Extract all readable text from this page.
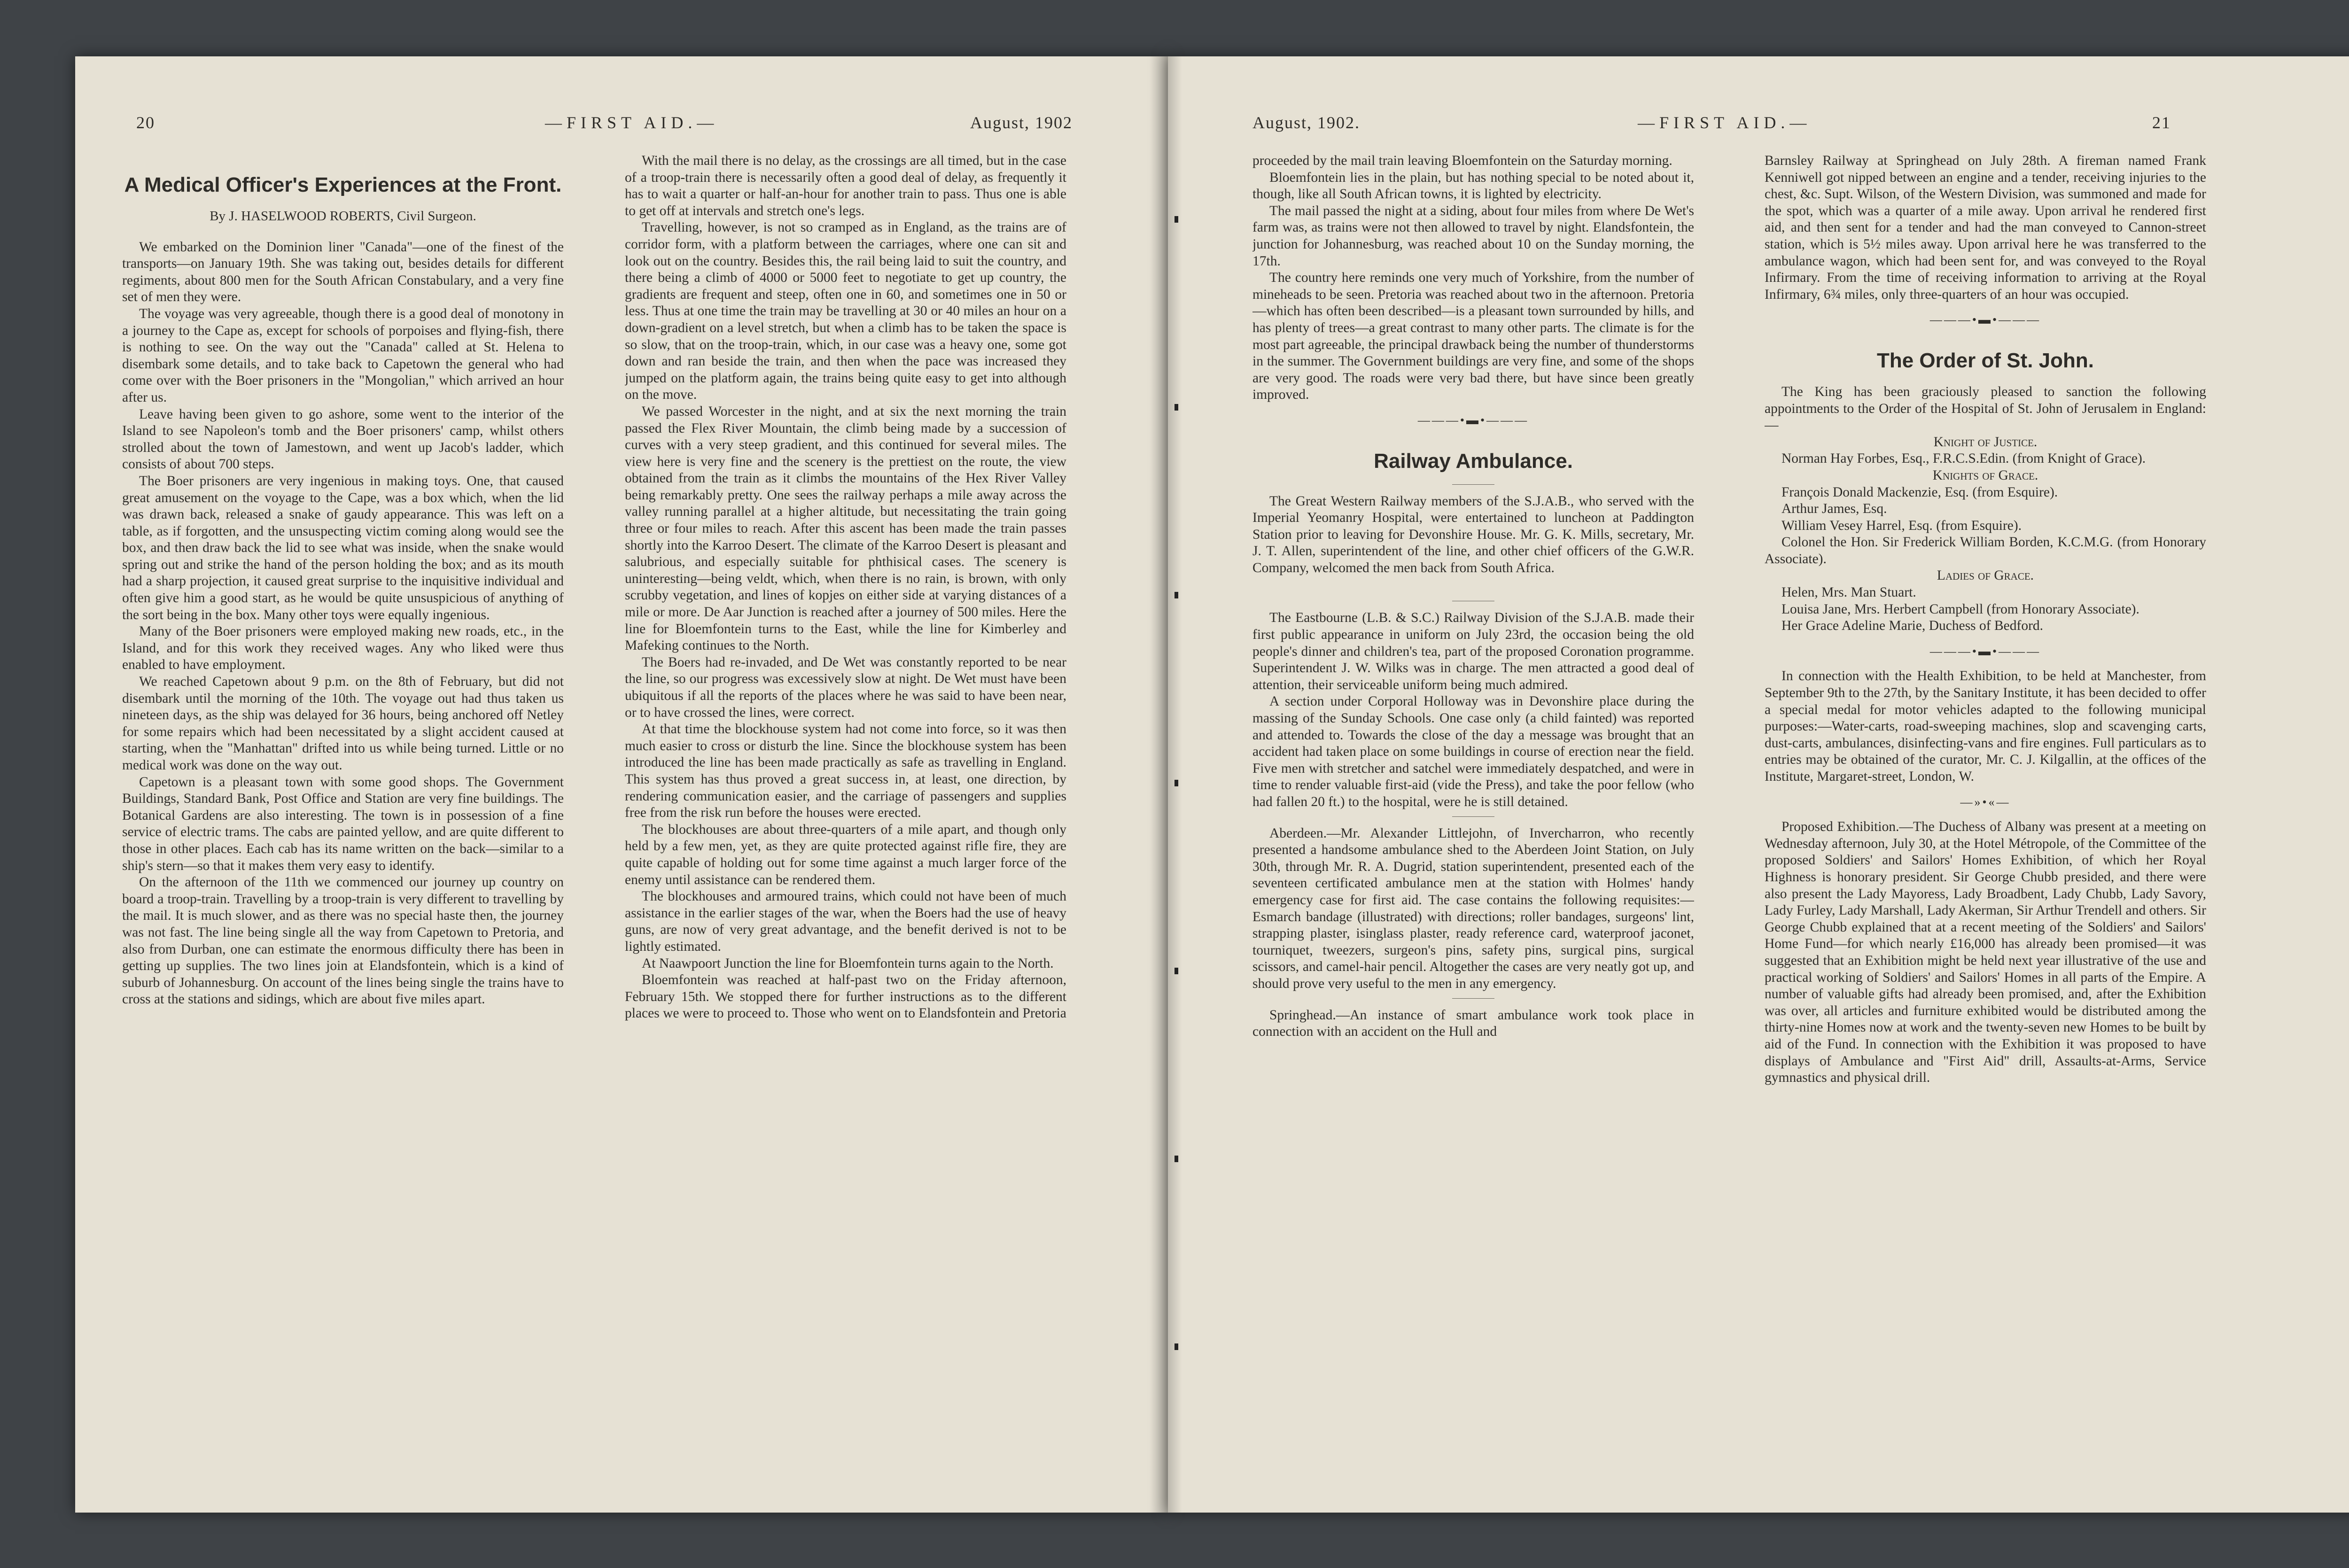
20	—FIRST AID.—	August, 1902
A Medical Officer's Experiences at the Front.
By J. HASELWOOD ROBERTS, Civil Surgeon.

We embarked on the Dominion liner "Canada"—one of the finest of the transports—on January 19th. She was taking out, besides details for different regiments, about 800 men for the South African Constabulary, and a very fine set of men they were.

The voyage was very agreeable, though there is a good deal of monotony in a journey to the Cape as, except for schools of porpoises and flying-fish, there is nothing to see. On the way out the "Canada" called at St. Helena to disembark some details, and to take back to Capetown the general who had come over with the Boer prisoners in the "Mongolian," which arrived an hour after us.

Leave having been given to go ashore, some went to the interior of the Island to see Napoleon's tomb and the Boer prisoners' camp, whilst others strolled about the town of Jamestown, and went up Jacob's ladder, which consists of about 700 steps.

The Boer prisoners are very ingenious in making toys. One, that caused great amusement on the voyage to the Cape, was a box which, when the lid was drawn back, released a snake of gaudy appearance. This was left on a table, as if forgotten, and the unsuspecting victim coming along would see the box, and then draw back the lid to see what was inside, when the snake would spring out and strike the hand of the person holding the box; and as its mouth had a sharp projection, it caused great surprise to the inquisitive individual and often give him a good start, as he would be quite unsuspicious of anything of the sort being in the box. Many other toys were equally ingenious.

Many of the Boer prisoners were employed making new roads, etc., in the Island, and for this work they received wages. Any who liked were thus enabled to have employment.

We reached Capetown about 9 p.m. on the 8th of February, but did not disembark until the morning of the 10th. The voyage out had thus taken us nineteen days, as the ship was delayed for 36 hours, being anchored off Netley for some repairs which had been necessitated by a slight accident caused at starting, when the "Manhattan" drifted into us while being turned. Little or no medical work was done on the way out.

Capetown is a pleasant town with some good shops. The Government Buildings, Standard Bank, Post Office and Station are very fine buildings. The Botanical Gardens are also interesting. The town is in possession of a fine service of electric trams. The cabs are painted yellow, and are quite different to those in other places. Each cab has its name written on the back—similar to a ship's stern—so that it makes them very easy to identify.

On the afternoon of the 11th we commenced our journey up country on board a troop-train. Travelling by a troop-train is very different to travelling by the mail. It is much slower, and as there was no special haste then, the journey was not fast. The line being single all the way from Capetown to Pretoria, and also from Durban, one can estimate the enormous difficulty there has been in getting up supplies. The two lines join at Elandsfontein, which is a kind of suburb of Johannesburg. On account of the lines being single the trains have to cross at the stations and sidings, which are about five miles apart.

With the mail there is no delay, as the crossings are all timed, but in the case of a troop-train there is necessarily often a good deal of delay, as frequently it has to wait a quarter or half-an-hour for another train to pass. Thus one is able to get off at intervals and stretch one's legs.

Travelling, however, is not so cramped as in England, as the trains are of corridor form, with a platform between the carriages, where one can sit and look out on the country. Besides this, the rail being laid to suit the country, and there being a climb of 4000 or 5000 feet to negotiate to get up country, the gradients are frequent and steep, often one in 60, and sometimes one in 50 or less. Thus at one time the train may be travelling at 30 or 40 miles an hour on a down-gradient on a level stretch, but when a climb has to be taken the space is so slow, that on the troop-train, which, in our case was a heavy one, some got down and ran beside the train, and then when the pace was increased they jumped on the platform again, the trains being quite easy to get into although on the move.

We passed Worcester in the night, and at six the next morning the train passed the Flex River Mountain, the climb being made by a succession of curves with a very steep gradient, and this continued for several miles. The view here is very fine and the scenery is the prettiest on the route, the view obtained from the train as it climbs the mountains of the Hex River Valley being remarkably pretty. One sees the railway perhaps a mile away across the valley running parallel at a higher altitude, but necessitating the train going three or four miles to reach. After this ascent has been made the train passes shortly into the Karroo Desert. The climate of the Karroo Desert is pleasant and salubrious, and especially suitable for phthisical cases. The scenery is uninteresting—being veldt, which, when there is no rain, is brown, with only scrubby vegetation, and lines of kopjes on either side at varying distances of a mile or more. De Aar Junction is reached after a journey of 500 miles. Here the line for Bloemfontein turns to the East, while the line for Kimberley and Mafeking continues to the North.

The Boers had re-invaded, and De Wet was constantly reported to be near the line, so our progress was excessively slow at night. De Wet must have been ubiquitous if all the reports of the places where he was said to have been near, or to have crossed the lines, were correct.

At that time the blockhouse system had not come into force, so it was then much easier to cross or disturb the line. Since the blockhouse system has been introduced the line has been made practically as safe as travelling in England. This system has thus proved a great success in, at least, one direction, by rendering communication easier, and the carriage of passengers and supplies free from the risk run before the houses were erected.

The blockhouses are about three-quarters of a mile apart, and though only held by a few men, yet, as they are quite protected against rifle fire, they are quite capable of holding out for some time against a much larger force of the enemy until assistance can be rendered them.

The blockhouses and armoured trains, which could not have been of much assistance in the earlier stages of the war, when the Boers had the use of heavy guns, are now of very great advantage, and the benefit derived is not to be lightly estimated.

At Naawpoort Junction the line for Bloemfontein turns again to the North.

Bloemfontein was reached at half-past two on the Friday afternoon, February 15th. We stopped there for further instructions as to the different places we were to proceed to. Those who went on to Elandsfontein and Pretoria

August, 1902.	—FIRST AID.—	21

proceeded by the mail train leaving Bloemfontein on the Saturday morning.

Bloemfontein lies in the plain, but has nothing special to be noted about it, though, like all South African towns, it is lighted by electricity.

The mail passed the night at a siding, about four miles from where De Wet's farm was, as trains were not then allowed to travel by night. Elandsfontein, the junction for Johannesburg, was reached about 10 on the Sunday morning, the 17th.

The country here reminds one very much of Yorkshire, from the number of mineheads to be seen. Pretoria was reached about two in the afternoon. Pretoria—which has often been described—is a pleasant town surrounded by hills, and has plenty of trees—a great contrast to many other parts. The climate is for the most part agreeable, the principal drawback being the number of thunderstorms in the summer. The Government buildings are very fine, and some of the shops are very good. The roads were very bad there, but have since been greatly improved.

———•▬•———
Railway Ambulance.

The Great Western Railway members of the S.J.A.B., who served with the Imperial Yeomanry Hospital, were entertained to luncheon at Paddington Station prior to leaving for Devonshire House. Mr. G. K. Mills, secretary, Mr. J. T. Allen, superintendent of the line, and other chief officers of the G.W.R. Company, welcomed the men back from South Africa.

The Eastbourne (L.B. & S.C.) Railway Division of the S.J.A.B. made their first public appearance in uniform on July 23rd, the occasion being the old people's dinner and children's tea, part of the proposed Coronation programme. Superintendent J. W. Wilks was in charge. The men attracted a good deal of attention, their serviceable uniform being much admired.

A section under Corporal Holloway was in Devonshire place during the massing of the Sunday Schools. One case only (a child fainted) was reported and attended to. Towards the close of the day a message was brought that an accident had taken place on some buildings in course of erection near the field. Five men with stretcher and satchel were immediately despatched, and were in time to render valuable first-aid (vide the Press), and take the poor fellow (who had fallen 20 ft.) to the hospital, were he is still detained.

Aberdeen.—Mr. Alexander Littlejohn, of Invercharron, who recently presented a handsome ambulance shed to the Aberdeen Joint Station, on July 30th, through Mr. R. A. Dugrid, station superintendent, presented each of the seventeen certificated ambulance men at the station with Holmes' handy emergency case for first aid. The case contains the following requisites:—Esmarch bandage (illustrated) with directions; roller bandages, surgeons' lint, strapping plaster, isinglass plaster, ready reference card, waterproof jaconet, tourniquet, tweezers, surgeon's pins, safety pins, surgical pins, surgical scissors, and camel-hair pencil. Altogether the cases are very neatly got up, and should prove very useful to the men in any emergency.

Springhead.—An instance of smart ambulance work took place in connection with an accident on the Hull and

Barnsley Railway at Springhead on July 28th. A fireman named Frank Kenniwell got nipped between an engine and a tender, receiving injuries to the chest, &c. Supt. Wilson, of the Western Division, was summoned and made for the spot, which was a quarter of a mile away. Upon arrival he rendered first aid, and then sent for a tender and had the man conveyed to Cannon-street station, which is 5½ miles away. Upon arrival here he was transferred to the ambulance wagon, which had been sent for, and was conveyed to the Royal Infirmary. From the time of receiving information to arriving at the Royal Infirmary, 6¾ miles, only three-quarters of an hour was occupied.

———•▬•———
The Order of St. John.

The King has been graciously pleased to sanction the following appointments to the Order of the Hospital of St. John of Jerusalem in England:—

Knight of Justice.

Norman Hay Forbes, Esq., F.R.C.S.Edin. (from Knight of Grace).

Knights of Grace.

François Donald Mackenzie, Esq. (from Esquire).

Arthur James, Esq.

William Vesey Harrel, Esq. (from Esquire).

Colonel the Hon. Sir Frederick William Borden, K.C.M.G. (from Honorary Associate).

Ladies of Grace.

Helen, Mrs. Man Stuart.

Louisa Jane, Mrs. Herbert Campbell (from Honorary Associate).

Her Grace Adeline Marie, Duchess of Bedford.

———•▬•———

In connection with the Health Exhibition, to be held at Manchester, from September 9th to the 27th, by the Sanitary Institute, it has been decided to offer a special medal for motor vehicles adapted to the following municipal purposes:—Water-carts, road-sweeping machines, slop and scavenging carts, dust-carts, ambulances, disinfecting-vans and fire engines. Full particulars as to entries may be obtained of the curator, Mr. C. J. Kilgallin, at the offices of the Institute, Margaret-street, London, W.

—»•«—

Proposed Exhibition.—The Duchess of Albany was present at a meeting on Wednesday afternoon, July 30, at the Hotel Métropole, of the Committee of the proposed Soldiers' and Sailors' Homes Exhibition, of which her Royal Highness is honorary president. Sir George Chubb presided, and there were also present the Lady Mayoress, Lady Broadbent, Lady Chubb, Lady Savory, Lady Furley, Lady Marshall, Lady Akerman, Sir Arthur Trendell and others. Sir George Chubb explained that at a recent meeting of the Soldiers' and Sailors' Home Fund—for which nearly £16,000 has already been promised—it was suggested that an Exhibition might be held next year illustrative of the use and practical working of Soldiers' and Sailors' Homes in all parts of the Empire. A number of valuable gifts had already been promised, and, after the Exhibition was over, all articles and furniture exhibited would be distributed among the thirty-nine Homes now at work and the twenty-seven new Homes to be built by aid of the Fund. In connection with the Exhibition it was proposed to have displays of Ambulance and "First Aid" drill, Assaults-at-Arms, Service gymnastics and physical drill.
